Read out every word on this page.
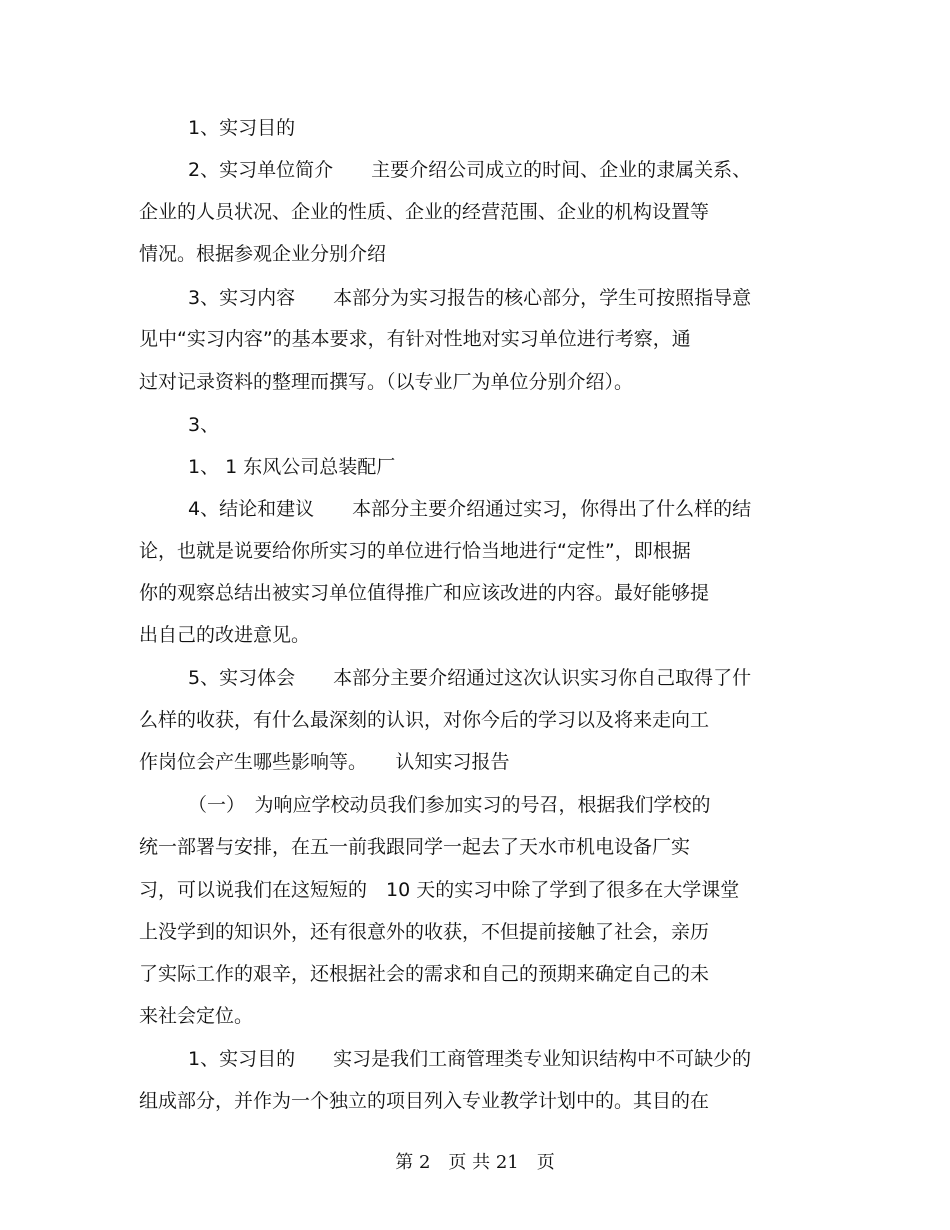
1、实习目的

2、实习单位简介　　主要介绍公司成立的时间、企业的隶属关系、

企业的人员状况、企业的性质、企业的经营范围、企业的机构设置等

情况。根据参观企业分别介绍

3、实习内容　　本部分为实习报告的核心部分，学生可按照指导意

见中“实习内容”的基本要求，有针对性地对实习单位进行考察，通

过对记录资料的整理而撰写。（以专业厂为单位分别介绍）。

3、

1、 1 东风公司总装配厂

4、结论和建议　　本部分主要介绍通过实习，你得出了什么样的结

论，也就是说要给你所实习的单位进行恰当地进行“定性”，即根据

你的观察总结出被实习单位值得推广和应该改进的内容。最好能够提

出自己的改进意见。

5、实习体会　　本部分主要介绍通过这次认识实习你自己取得了什

么样的收获，有什么最深刻的认识，对你今后的学习以及将来走向工

作岗位会产生哪些影响等。　　认知实习报告

（一）　为响应学校动员我们参加实习的号召，根据我们学校的

统一部署与安排，在五一前我跟同学一起去了天水市机电设备厂实

习，可以说我们在这短短的　10 天的实习中除了学到了很多在大学课堂

上没学到的知识外，还有很意外的收获，不但提前接触了社会，亲历

了实际工作的艰辛，还根据社会的需求和自己的预期来确定自己的未

来社会定位。

1、实习目的　　实习是我们工商管理类专业知识结构中不可缺少的

组成部分，并作为一个独立的项目列入专业教学计划中的。其目的在

第 2　页 共 21　页
